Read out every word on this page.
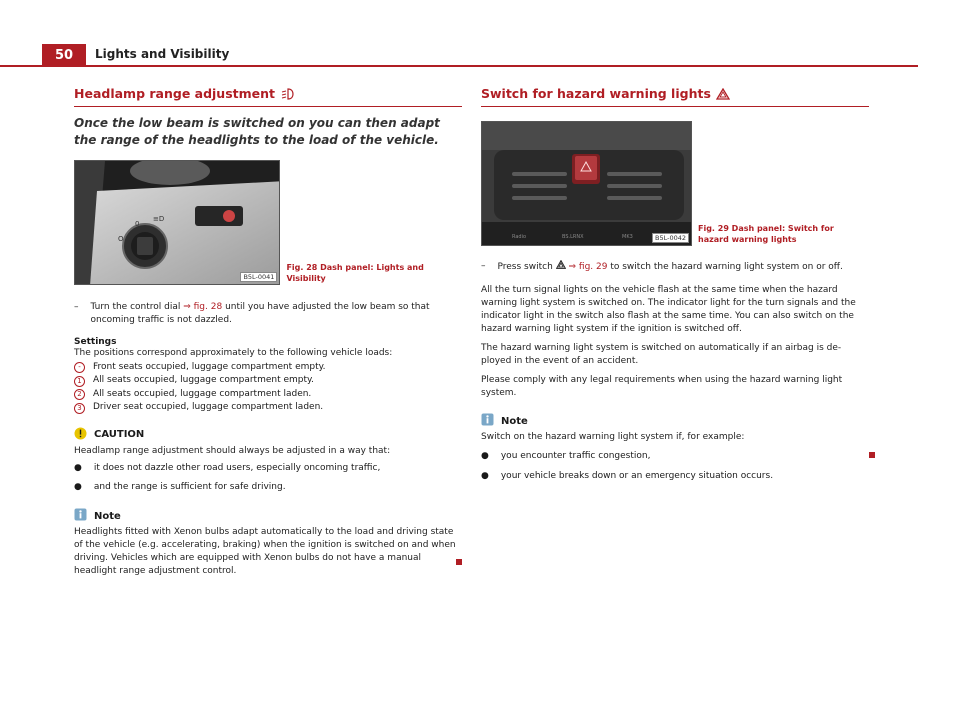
50	Lights and Visibility
Headlamp range adjustment
Once the low beam is switched on you can then adapt the range of the headlights to the load of the vehicle.
0
≡D
O
B5L-0041
Fig. 28 Dash panel: Lights and Visibility
– Turn the control dial ⇒ fig. 28 until you have adjusted the low beam so that oncoming traffic is not dazzled.
Settings

The positions correspond approximately to the following vehicle loads:

-	Front seats occupied, luggage compartment empty.
1	All seats occupied, luggage compartment empty.
2	All seats occupied, luggage compartment laden.
3	Driver seat occupied, luggage compartment laden.
CAUTION

Headlamp range adjustment should always be adjusted in a way that:

● it does not dazzle other road users, especially oncoming traffic,
● and the range is sufficient for safe driving.
Note

Headlights fitted with Xenon bulbs adapt automatically to the load and driving state of the vehicle (e.g. accelerating, braking) when the ignition is switched on and when driving. Vehicles which are equipped with Xenon bulbs do not have a manual headlight range adjustment control.

Switch for hazard warning lights
Radio	BS.LRNX	MK3	B5L-0042
Fig. 29 Dash panel: Switch for hazard warning lights
– Press switch  ⇒ fig. 29 to switch the hazard warning light system on or off.

All the turn signal lights on the vehicle flash at the same time when the hazard warning light system is switched on. The indicator light for the turn signals and the indicator light in the switch also flash at the same time. You can also switch on the hazard warning light system if the ignition is switched off.

The hazard warning light system is switched on automatically if an airbag is de-ployed in the event of an accident.

Please comply with any legal requirements when using the hazard warning light system.

Note

Switch on the hazard warning light system if, for example:

● you encounter traffic congestion,
● your vehicle breaks down or an emergency situation occurs.
